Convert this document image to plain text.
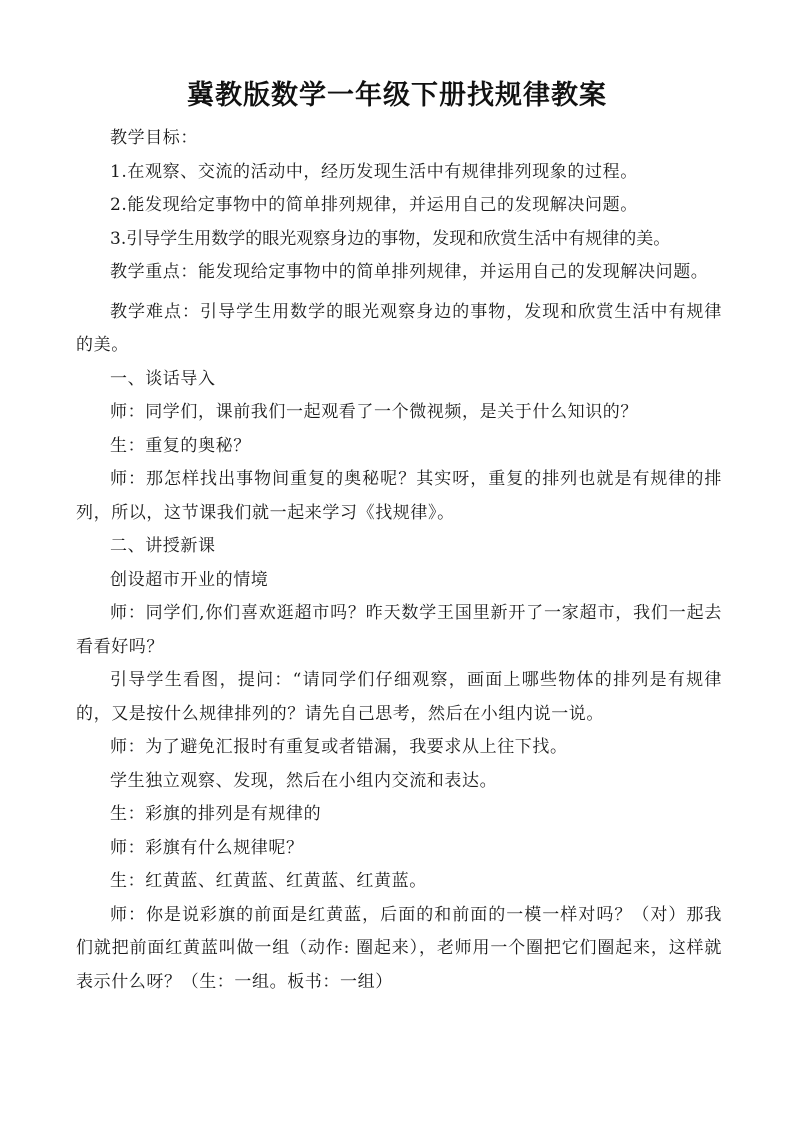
冀教版数学一年级下册找规律教案

教学目标：

1.在观察、交流的活动中，经历发现生活中有规律排列现象的过程。

2.能发现给定事物中的简单排列规律，并运用自己的发现解决问题。

3.引导学生用数学的眼光观察身边的事物，发现和欣赏生活中有规律的美。

教学重点：能发现给定事物中的简单排列规律，并运用自己的发现解决问题。

教学难点：引导学生用数学的眼光观察身边的事物，发现和欣赏生活中有规律的美。

一、谈话导入

师：同学们，课前我们一起观看了一个微视频，是关于什么知识的？

生：重复的奥秘？

师：那怎样找出事物间重复的奥秘呢？其实呀，重复的排列也就是有规律的排列，所以，这节课我们就一起来学习《找规律》。

二、讲授新课

创设超市开业的情境

师：同学们,你们喜欢逛超市吗？昨天数学王国里新开了一家超市，我们一起去看看好吗？

引导学生看图，提问：“请同学们仔细观察，画面上哪些物体的排列是有规律的，又是按什么规律排列的？请先自己思考，然后在小组内说一说。

师：为了避免汇报时有重复或者错漏，我要求从上往下找。

学生独立观察、发现，然后在小组内交流和表达。

生：彩旗的排列是有规律的

师：彩旗有什么规律呢？

生：红黄蓝、红黄蓝、红黄蓝、红黄蓝。

师：你是说彩旗的前面是红黄蓝，后面的和前面的一模一样对吗？（对）那我们就把前面红黄蓝叫做一组（动作: 圈起来），老师用一个圈把它们圈起来，这样就表示什么呀？（生：一组。板书：一组）
